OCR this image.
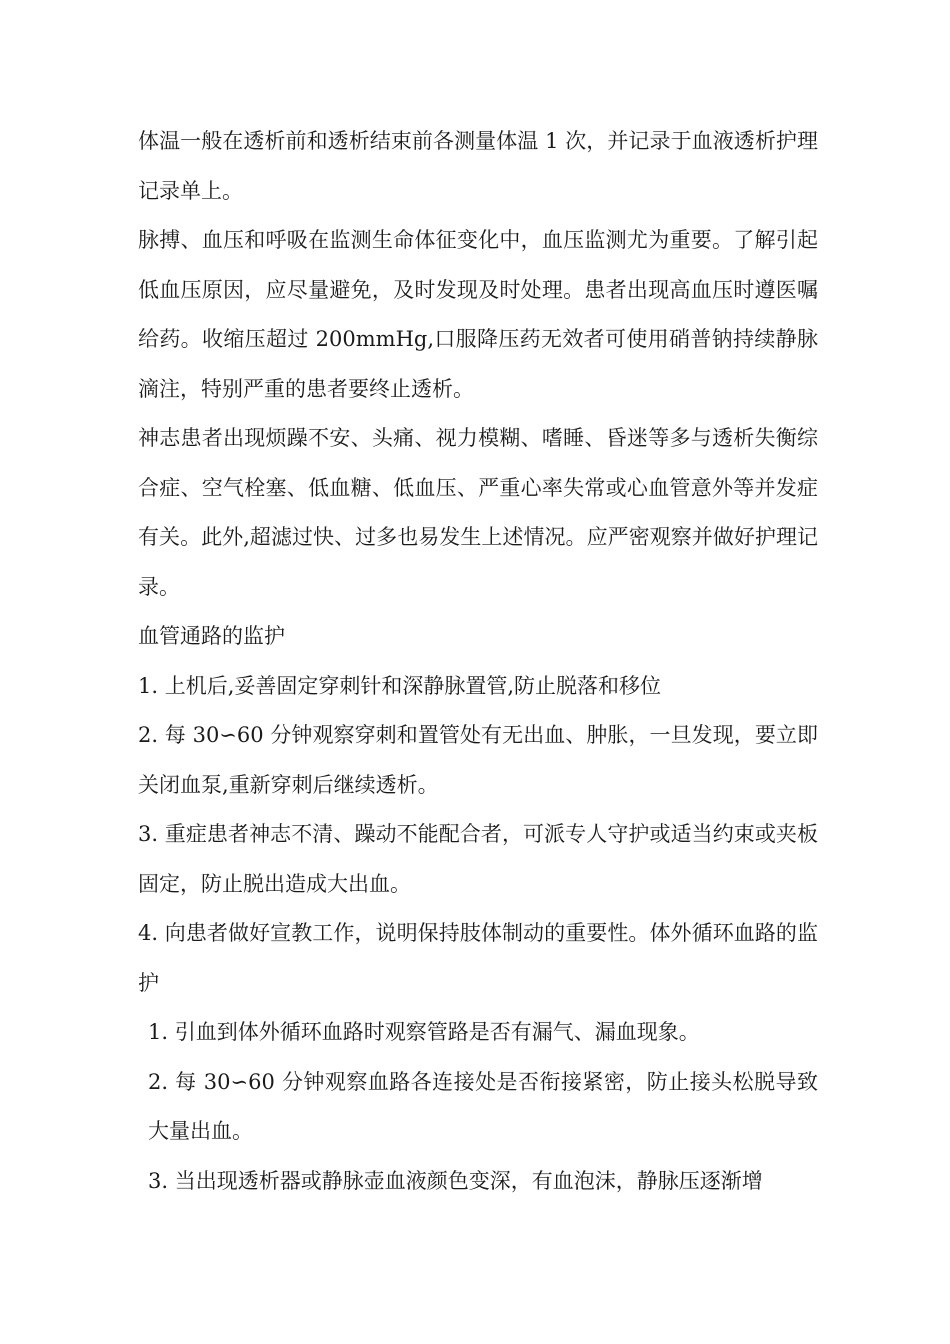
体温一般在透析前和透析结束前各测量体温 1 次，并记录于血液透析护理记录单上。

脉搏、血压和呼吸在监测生命体征变化中，血压监测尤为重要。了解引起低血压原因，应尽量避免，及时发现及时处理。患者出现高血压时遵医嘱给药。收缩压超过 200mmHg,口服降压药无效者可使用硝普钠持续静脉滴注，特别严重的患者要终止透析。

神志患者出现烦躁不安、头痛、视力模糊、嗜睡、昏迷等多与透析失衡综合症、空气栓塞、低血糖、低血压、严重心率失常或心血管意外等并发症有关。此外,超滤过快、过多也易发生上述情况。应严密观察并做好护理记录。

血管通路的监护

1. 上机后,妥善固定穿刺针和深静脉置管,防止脱落和移位

2. 每 30∽60 分钟观察穿刺和置管处有无出血、肿胀，一旦发现，要立即关闭血泵,重新穿刺后继续透析。

3. 重症患者神志不清、躁动不能配合者，可派专人守护或适当约束或夹板固定，防止脱出造成大出血。

4. 向患者做好宣教工作，说明保持肢体制动的重要性。体外循环血路的监护

1. 引血到体外循环血路时观察管路是否有漏气、漏血现象。

2. 每 30∽60 分钟观察血路各连接处是否衔接紧密，防止接头松脱导致大量出血。

3. 当出现透析器或静脉壶血液颜色变深，有血泡沫，静脉压逐渐增
